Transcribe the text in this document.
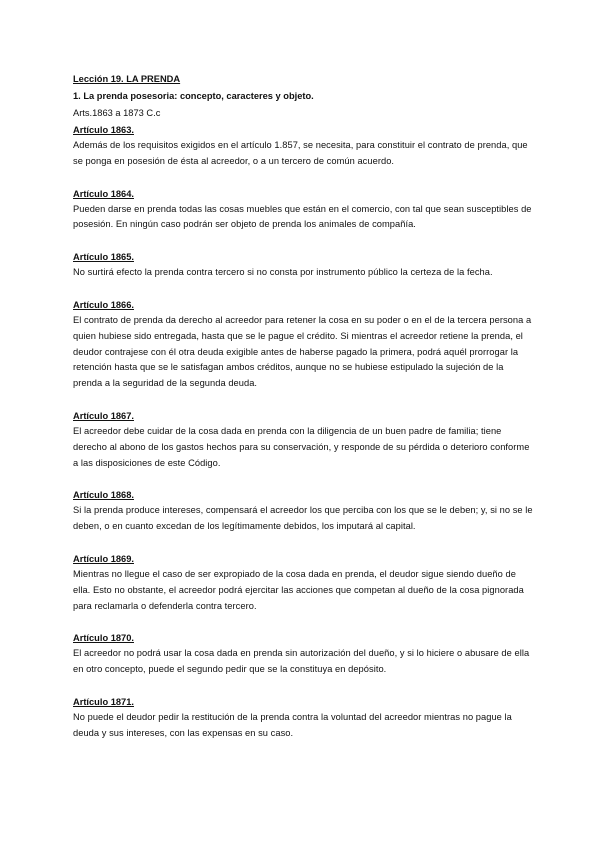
Lección 19. LA PRENDA

1. La prenda posesoria: concepto, caracteres y objeto.

Arts.1863 a 1873 C.c

Artículo 1863.

Además de los requisitos exigidos en el artículo 1.857, se necesita, para constituir el contrato de prenda, que se ponga en posesión de ésta al acreedor, o a un tercero de común acuerdo.

Artículo 1864.

Pueden darse en prenda todas las cosas muebles que están en el comercio, con tal que sean susceptibles de posesión. En ningún caso podrán ser objeto de prenda los animales de compañía.

Artículo 1865.

No surtirá efecto la prenda contra tercero si no consta por instrumento público la certeza de la fecha.

Artículo 1866.

El contrato de prenda da derecho al acreedor para retener la cosa en su poder o en el de la tercera persona a quien hubiese sido entregada, hasta que se le pague el crédito. Si mientras el acreedor retiene la prenda, el deudor contrajese con él otra deuda exigible antes de haberse pagado la primera, podrá aquél prorrogar la retención hasta que se le satisfagan ambos créditos, aunque no se hubiese estipulado la sujeción de la prenda a la seguridad de la segunda deuda.

Artículo 1867.

El acreedor debe cuidar de la cosa dada en prenda con la diligencia de un buen padre de familia; tiene derecho al abono de los gastos hechos para su conservación, y responde de su pérdida o deterioro conforme a las disposiciones de este Código.

Artículo 1868.

Si la prenda produce intereses, compensará el acreedor los que perciba con los que se le deben; y, si no se le deben, o en cuanto excedan de los legítimamente debidos, los imputará al capital.

Artículo 1869.

Mientras no llegue el caso de ser expropiado de la cosa dada en prenda, el deudor sigue siendo dueño de ella. Esto no obstante, el acreedor podrá ejercitar las acciones que competan al dueño de la cosa pignorada para reclamarla o defenderla contra tercero.

Artículo 1870.

El acreedor no podrá usar la cosa dada en prenda sin autorización del dueño, y si lo hiciere o abusare de ella en otro concepto, puede el segundo pedir que se la constituya en depósito.

Artículo 1871.

No puede el deudor pedir la restitución de la prenda contra la voluntad del acreedor mientras no pague la deuda y sus intereses, con las expensas en su caso.
